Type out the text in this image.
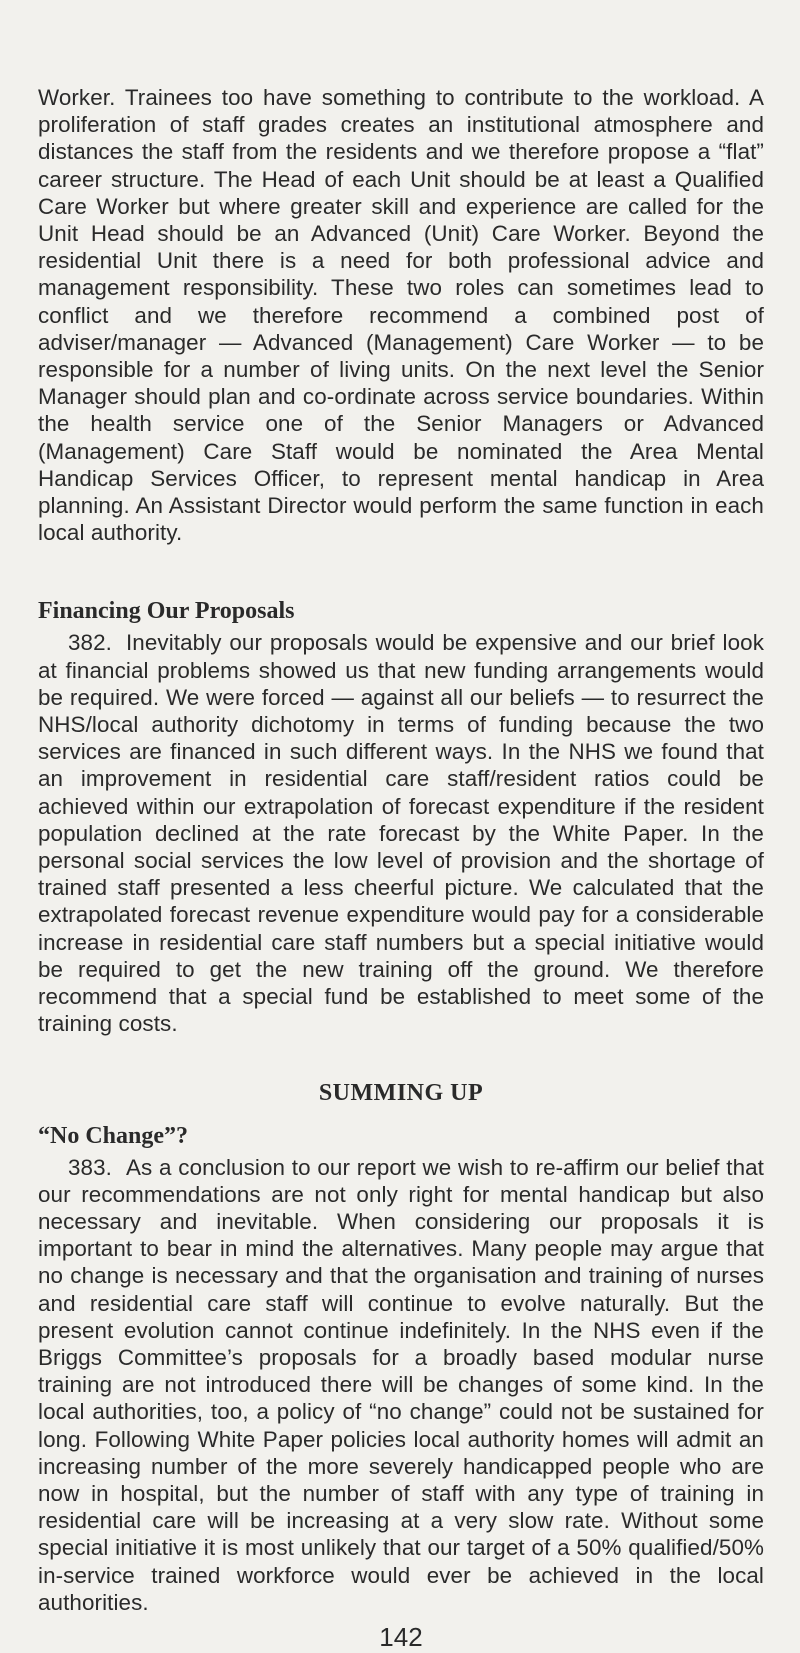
Worker. Trainees too have something to contribute to the workload. A proliferation of staff grades creates an institutional atmosphere and distances the staff from the residents and we therefore propose a “flat” career structure. The Head of each Unit should be at least a Qualified Care Worker but where greater skill and experience are called for the Unit Head should be an Advanced (Unit) Care Worker. Beyond the residential Unit there is a need for both professional advice and management responsibility. These two roles can sometimes lead to conflict and we therefore recommend a combined post of adviser/manager — Advanced (Management) Care Worker — to be responsible for a number of living units. On the next level the Senior Manager should plan and co-ordinate across service boundaries. Within the health service one of the Senior Managers or Advanced (Management) Care Staff would be nominated the Area Mental Handicap Services Officer, to represent mental handicap in Area planning. An Assistant Director would perform the same function in each local authority.

Financing Our Proposals

382. Inevitably our proposals would be expensive and our brief look at financial problems showed us that new funding arrangements would be required. We were forced — against all our beliefs — to resurrect the NHS/local authority dichotomy in terms of funding because the two services are financed in such different ways. In the NHS we found that an improvement in residential care staff/resident ratios could be achieved within our extrapolation of forecast expenditure if the resident population declined at the rate forecast by the White Paper. In the personal social services the low level of provision and the shortage of trained staff presented a less cheerful picture. We calculated that the extrapolated forecast revenue expenditure would pay for a considerable increase in residential care staff numbers but a special initiative would be required to get the new training off the ground. We therefore recommend that a special fund be established to meet some of the training costs.

SUMMING UP
“No Change”?

383. As a conclusion to our report we wish to re-affirm our belief that our recommendations are not only right for mental handicap but also necessary and inevitable. When considering our proposals it is important to bear in mind the alternatives. Many people may argue that no change is necessary and that the organisation and training of nurses and residential care staff will continue to evolve naturally. But the present evolution cannot continue indefinitely. In the NHS even if the Briggs Committee’s proposals for a broadly based modular nurse training are not introduced there will be changes of some kind. In the local authorities, too, a policy of “no change” could not be sustained for long. Following White Paper policies local authority homes will admit an increasing number of the more severely handicapped people who are now in hospital, but the number of staff with any type of training in residential care will be increasing at a very slow rate. Without some special initiative it is most unlikely that our target of a 50% qualified/50% in-service trained workforce would ever be achieved in the local authorities.

142
